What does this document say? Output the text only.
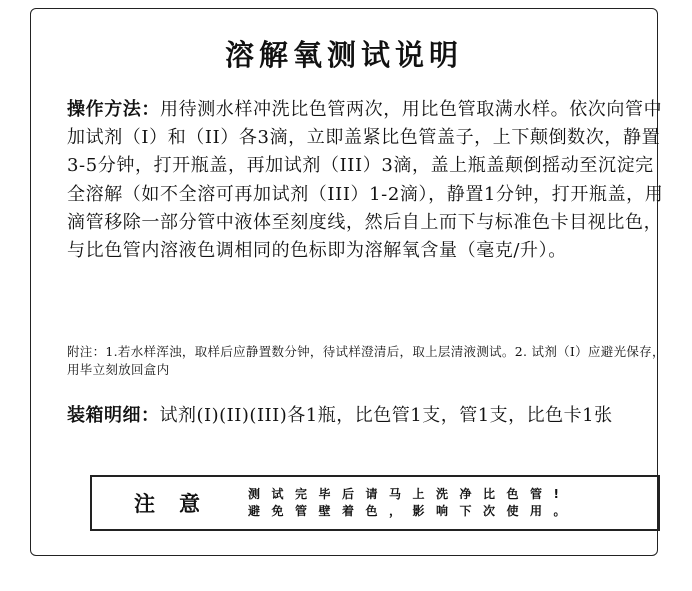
溶解氧测试说明

操作方法：用待测水样冲洗比色管两次，用比色管取满水样。依次向管中加试剂（I）和（II）各3滴，立即盖紧比色管盖子，上下颠倒数次，静置3-5分钟，打开瓶盖，再加试剂（III）3滴，盖上瓶盖颠倒摇动至沉淀完全溶解（如不全溶可再加试剂（III）1-2滴），静置1分钟，打开瓶盖，用滴管移除一部分管中液体至刻度线，然后自上而下与标准色卡目视比色，与比色管内溶液色调相同的色标即为溶解氧含量（毫克/升）。

附注：1.若水样浑浊，取样后应静置数分钟，待试样澄清后，取上层清液测试。2. 试剂（I）应避光保存，用毕立刻放回盒内

装箱明细：试剂(I)(II)(III)各1瓶，比色管1支，管1支，比色卡1张

注意	测试完毕后请马上洗净比色管!
避免管壁着色，影响下次使用。
